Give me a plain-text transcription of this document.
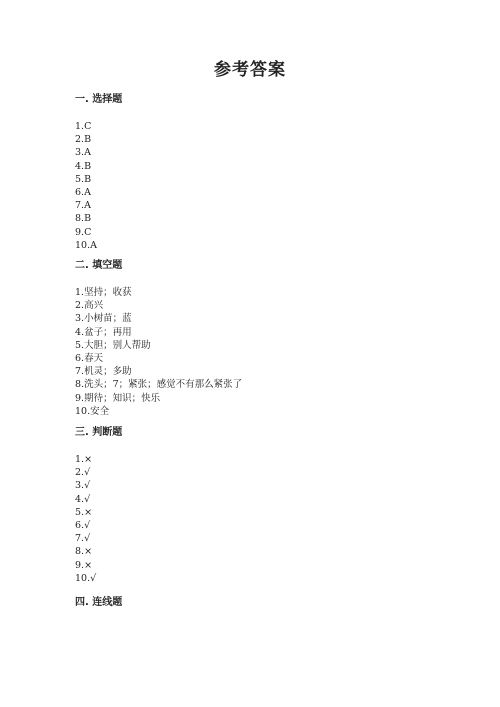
参考答案
一. 选择题
1.C
2.B
3.A
4.B
5.B
6.A
7.A
8.B
9.C
10.A
二. 填空题
1.坚持；收获
2.高兴
3.小树苗；蓝
4.盆子；再用
5.大胆；别人帮助
6.春天
7.机灵；多助
8.洗头；7；紧张；感觉不有那么紧张了
9.期待；知识；快乐
10.安全
三. 判断题
1.×
2.√
3.√
4.√
5.×
6.√
7.√
8.×
9.×
10.√
四. 连线题
